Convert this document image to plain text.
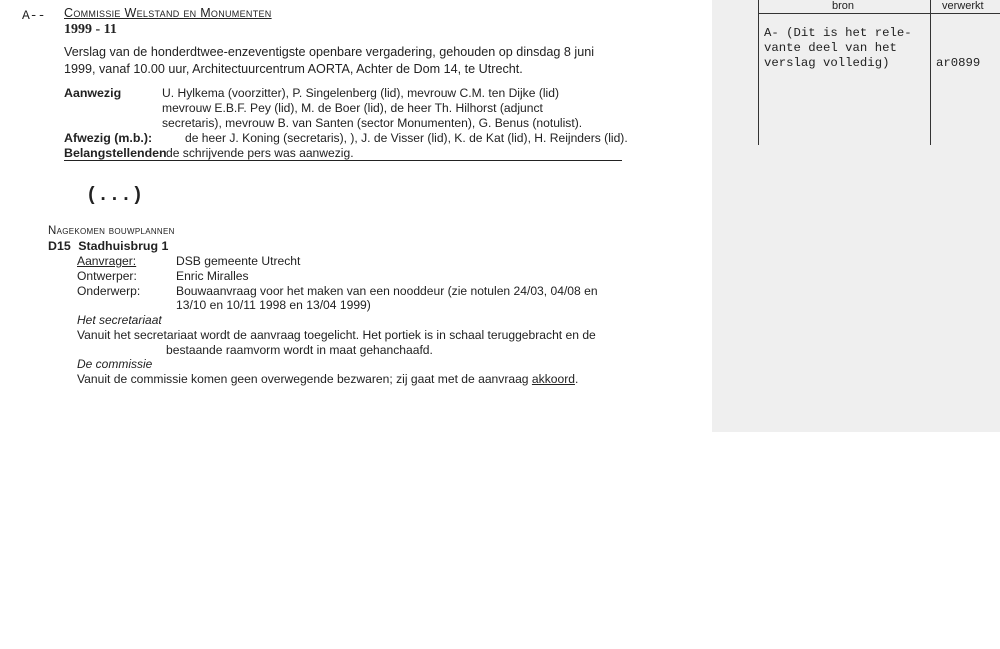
A-- Commissie Welstand en Monumenten
1999 - 11
Verslag van de honderdtwee-enzeventigste openbare vergadering, gehouden op dinsdag 8 juni 1999, vanaf 10.00 uur, Architectuurcentrum AORTA, Achter de Dom 14, te Utrecht.
Aanwezig	U. Hylkema (voorzitter), P. Singelenberg (lid), mevrouw C.M. ten Dijke (lid)
mevrouw E.B.F. Pey (lid), M. de Boer (lid), de heer Th. Hilhorst (adjunct
secretaris), mevrouw B. van Santen (sector Monumenten), G. Benus (notulist).
Afwezig (m.b.):	de heer J. Koning (secretaris), ), J. de Visser (lid), K. de Kat (lid), H. Reijnders (lid).
Belangstellenden de schrijvende pers was aanwezig.
(...)
Nagekomen bouwplannen
D15 Stadhuisbrug 1
Aanvrager:	DSB gemeente Utrecht
Ontwerper:	Enric Miralles
Onderwerp:	Bouwaanvraag voor het maken van een nooddeur (zie notulen 24/03, 04/08 en
13/10 en 10/11 1998 en 13/04 1999)
Het secretariaat
Vanuit het secretariaat wordt de aanvraag toegelicht. Het portiek is in schaal teruggebracht en de
bestaande raamvorm wordt in maat gehanchaafd.
De commissie
Vanuit de commissie komen geen overwegende bezwaren; zij gaat met de aanvraag akkoord.
bron	verwerkt
A- (Dit is het rele-
vante deel van het
verslag volledig)	ar0899
